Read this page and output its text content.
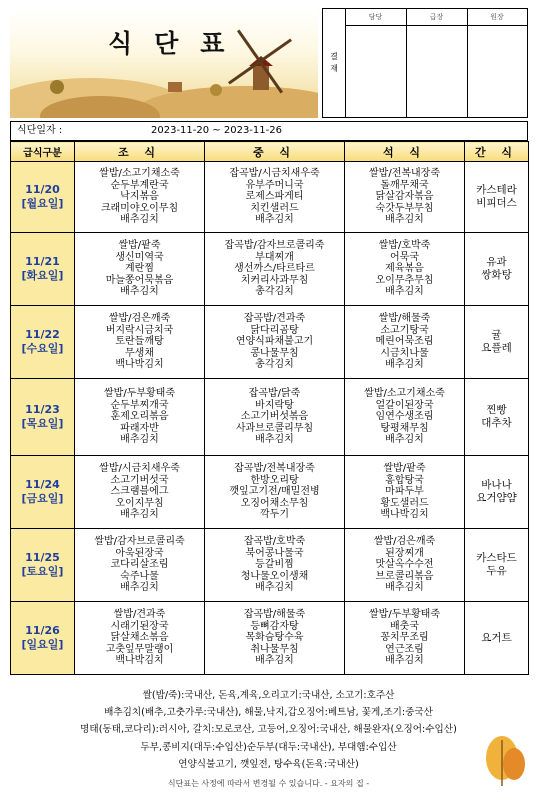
식단표	결
재
담당	급장	원장
식단일자 :	2023-11-20 ~ 2023-11-26
급식구분	조 식	중 식	석 식	간 식

11/20
[월요일]	쌀밥/소고기채소죽
순두부계란국
낙지볶음
크래미야오이무침
배추김치	잡곡밥/시금치새우죽
유부주머니국
로제스파게티
치킨샐러드
배추김치	쌀밥/전복내장죽
돌깨무채국
닭살감자볶음
숙갓두부무침
배추김치	카스테라
비피더스

11/21
[화요일]	쌀밥/팥죽
생신미역국
계란찜
마늘쫑어묵볶음
배추김치	잡곡밥/감자브로콜리죽
부대찌개
생선까스/타르타르
치커리사과무침
총각김치	쌀밥/호박죽
어묵국
제육볶음
오이무추무침
배추김치	유과
쌍화탕

11/22
[수요일]	쌀밥/검은깨죽
버지락시금치국
토란들깨탕
무생채
백나박김치	잡곡밥/견과죽
닭다리곰탕
연양식파채불고기
콩나물무침
총각김치	쌀밥/해물죽
소고기탕국
메린어묵조림
시금치나물
배추김치	귤
요플레

11/23
[목요일]	쌀밥/두부황태죽
순두부찌개국
훈제오리볶음
파래자반
배추김치	잡곡밥/닭죽
바지락탕
소고기버섯볶음
사과브로콜리무침
배추김치	쌀밥/소고기채소죽
얼갈이된장국
임연수생조림
탕평채무침
배추김치	찐빵
대추차

11/24
[금요일]	쌀밥/시금치새우죽
소고기버섯국
스크램블에그
오이지무침
배추김치	잡곡밥/전복내장죽
한방오리탕
깻잎고기전/매밀전병
오징어채소무침
깍두기	쌀밥/팥죽
홍합탕국
마파두부
황도샐러드
백나박김치	바나나
요거얌얌

11/25
[토요일]	쌀밥/감자브로콜리죽
아욱된장국
코다리살조림
숙주나물
배추김치	잡곡밥/호박죽
북어콩나물국
등갈비찜
청나물오이생채
배추김치	쌀밥/검은깨죽
된장찌개
맛살옥수수전
브로콜리볶음
배추김치	카스타드
두유

11/26
[일요일]	쌀밥/견과죽
시래기된장국
닭살채소볶음
고춧잎무말랭이
백나박김치	잡곡밥/해물죽
등뼈감자탕
목화슴탕수육
취나물무침
배추김치	쌀밥/두부황태죽
배춧국
꽁치무조림
연근조림
배추김치	요거트
쌀(밥/죽):국내산, 돈육,계육,오리고기:국내산, 소고기:호주산
배추김치(배추,고춧가루:국내산), 해물,낙지,갑오징어:베트남, 꽃게,조기:중국산
명태(동태,코다리):러시아, 갈치:모로코산, 고등어,오징어:국내산, 해물완자(오징어:수입산)
두부,콩비지(대두:수입산)순두부(대두:국내산), 부대햄:수입산
연양식불고기, 깻잎전, 탕수육(돈육:국내산)
식단표는 사정에 따라서 변경될 수 있습니다. - 요자의 집 -
